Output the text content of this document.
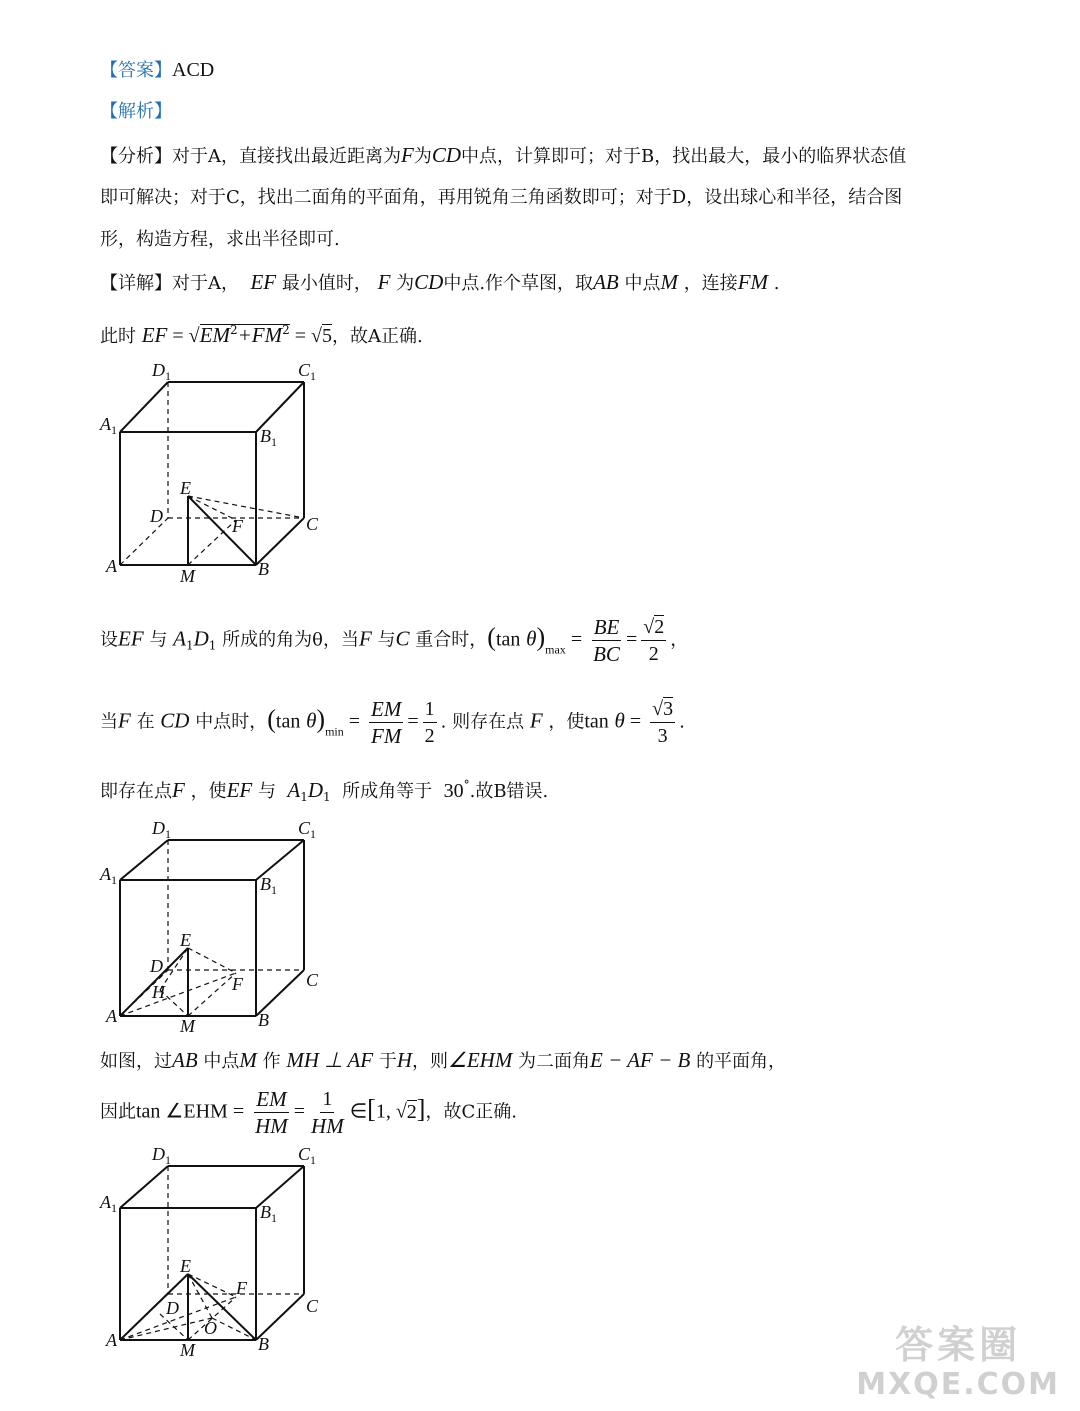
【答案】ACD
【解析】
【分析】对于A，直接找出最近距离为F为CD中点，计算即可；对于B，找出最大，最小的临界状态值
即可解决；对于C，找出二面角的平面角，再用锐角三角函数即可；对于D，设出球心和半径，结合图
形，构造方程，求出半径即可.
【详解】对于A， EF 最小值时， F 为CD中点.作个草图，取AB 中点M ，连接FM .
此时 EF = $√EM^2+FM^2 = √5$，故A正确.
$D_1$	$C_1$
$A_1$	$B_1$
E
D	C
F
A	M	B
设EF 与 $A_1D_1$ 所成的角为θ，当F 与C 重合时，(tan $\theta)_{max} = \frac{BE}{BC} = \frac{√2}{2}$ ，
当F 在 CD 中点时，(tan $\theta)_{min} = \frac{EM}{FM} = \frac{1}{2}$ . 则存在点 F ，使$\tan \theta = \frac{√3}{3}$ .
即存在点F ，使EF 与 $A_1D_1$ 所成角等于 30°.故B错误.
$D_1$	$C_1$
$A_1$	$B_1$
E
D
C
F
H
A	M	B
如图，过AB 中点M 作 MH ⊥ AF 于H，则∠EHM 为二面角E − AF − B 的平面角，
因此tan ∠EHM = $\frac{EM}{HM} = \frac{1}{HM}$ ∈[1, √2]，故C正确.
$D_1$	$C_1$
$A_1$	$B_1$
E
D	C
F
O
A	M	B	答案圈
MXQE.COM
